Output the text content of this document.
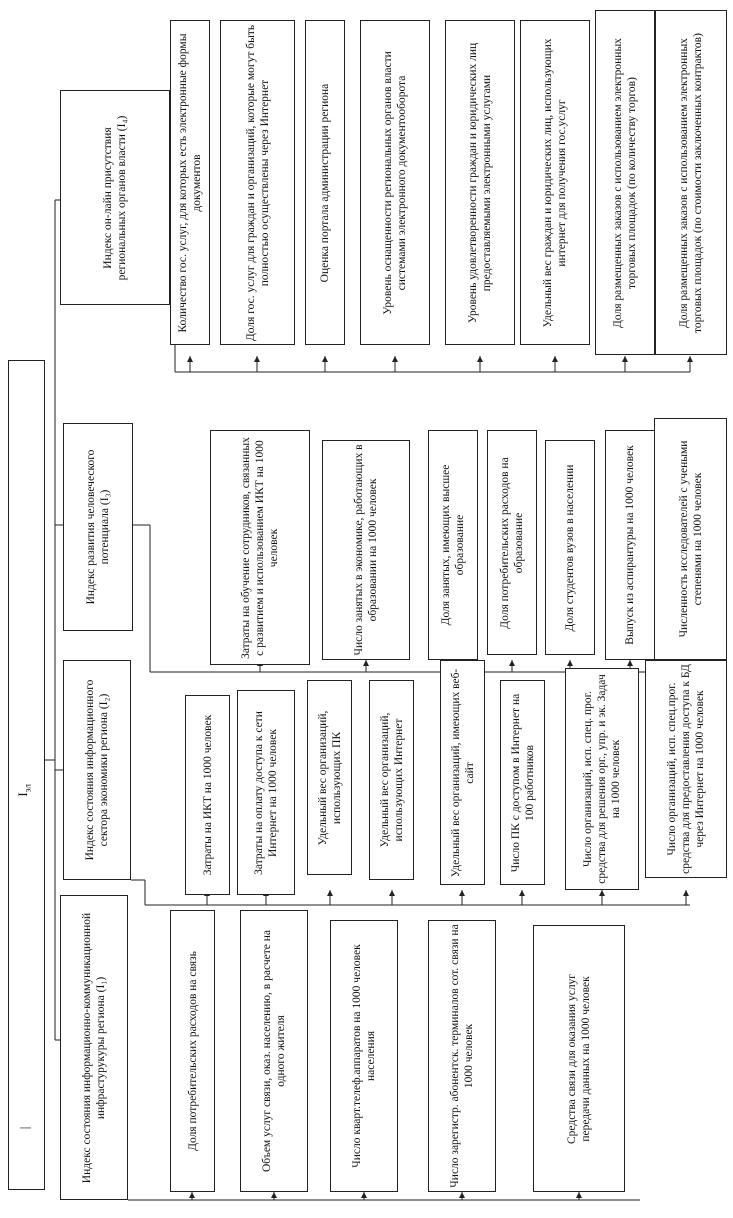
$I_{эл}$
|	Индекс состояния информационно-коммуникационной инфрастурукуры региона (I₁)	Доля потребительских расходов на связь	Объем услуг связи, оказ. населению, в расчете на одного жителя	Число кварт.телеф.аппаратов на 1000 человек населения	Число зарегистр. абонентск. терминалов сот. связи на 1000 человек	Средства связи для оказания услуг передачи данных на 1000 человек
Индекс состояния информационного сектора экономики региона (I₂)	Затраты на ИКТ на 1000 человек	Затраты на оплату доступа к сети Интернет на 1000 человек	Удельный вес организаций, использующих ПК	Удельный вес организаций, использующих Интернет	Удельный вес организаций, имеющих веб-сайт	Число ПК с доступом в Интернет на 100 работников	Число организаций, исп. спец. прог. средства для решения орг., упр. и эк. Задач на 1000 человек	Число организаций, исп. спец.прог. средства для предоставления доступа к БД через Интернет на 1000 человек
Индекс развития человеческого потенциала (I₃)	Затраты на обучение сотрудников, связанных с развитием и использованием ИКТ на 1000 человек	Число занятых в экономике, работающих в образовании на 1000 человек	Доля занятых, имеющих высшее образование	Доля потребительских расходов на образование	Доля студентов вузов в населении	Выпуск из аспирантуры на 1000 человек	Численность исследователей с учеными степенями на 1000 человек
Индекс он-лайн присутствия региональных органов власти (I₄)	Количество гос. услуг, для которых есть электронные формы документов	Доля гос. услуг для граждан и организаций, которые могут быть полностью осуществлены через Интернет	Оценка портала администрации региона	Уровень оснащенности региональных органов власти системами электронного документооборота	Уровень удовлетворенности граждан и юридических лиц предоставляемыми электронными услугами	Удельный вес граждан и юридических лиц, использующих интернет для получения гос.услуг	Доля размещенных заказов с использованием электронных торговых площадок (по количеству торгов)	Доля размещенных заказов с использованием электронных торговых площадок (по стоимости заключенных контрактов)
